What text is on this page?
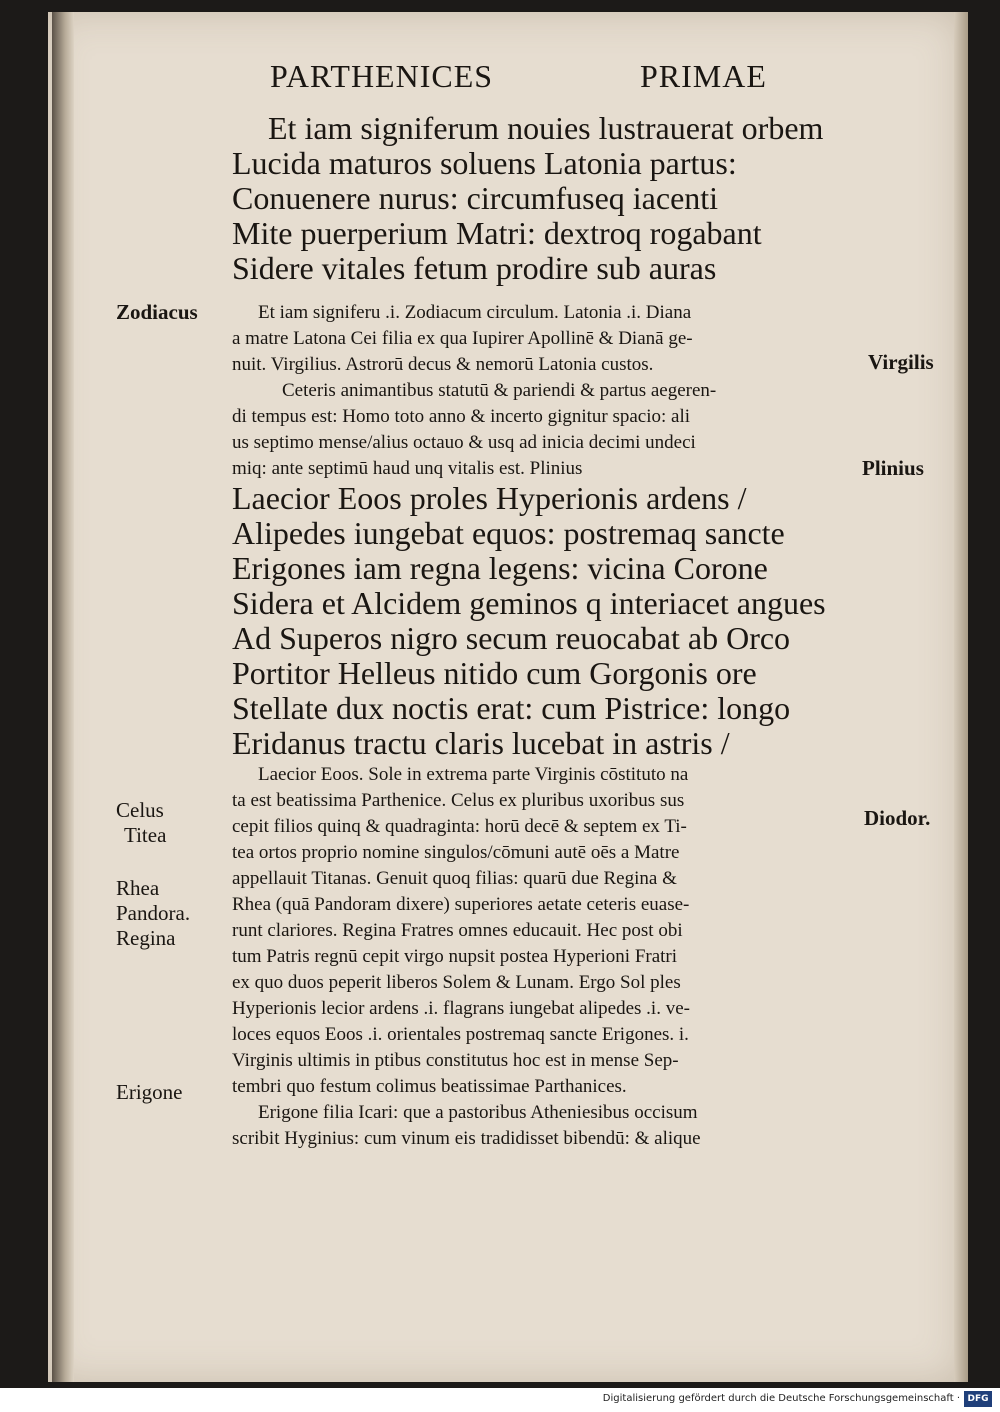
PARTHENICES	PRIMAE

Et iam signiferum nouies lustrauerat orbem

Lucida maturos soluens Latonia partus:

Conuenere nurus: circumfuseq iacenti

Mite puerperium Matri: dextroq rogabant

Sidere vitales fetum prodire sub auras

Et iam signiferu .i. Zodiacum circulum. Latonia .i. Diana

a matre Latona Cei filia ex qua Iupirer Apollinē & Dianā ge-

nuit. Virgilius. Astrorū decus & nemorū Latonia custos.

Ceteris animantibus statutū & pariendi & partus aegeren-

di tempus est: Homo toto anno & incerto gignitur spacio: ali

us septimo mense/alius octauo & usq ad inicia decimi undeci

miq: ante septimū haud unq vitalis est. Plinius

Laecior Eoos proles Hyperionis ardens /

Alipedes iungebat equos: postremaq sancte

Erigones iam regna legens: vicina Corone

Sidera et Alcidem geminos q interiacet angues

Ad Superos nigro secum reuocabat ab Orco

Portitor Helleus nitido cum Gorgonis ore

Stellate dux noctis erat: cum Pistrice: longo

Eridanus tractu claris lucebat in astris /

Laecior Eoos. Sole in extrema parte Virginis cōstituto na

ta est beatissima Parthenice. Celus ex pluribus uxoribus sus

cepit filios quinq & quadraginta: horū decē & septem ex Ti-

tea ortos proprio nomine singulos/cōmuni autē oēs a Matre

appellauit Titanas. Genuit quoq filias: quarū due Regina &

Rhea (quā Pandoram dixere) superiores aetate ceteris euase-

runt clariores. Regina Fratres omnes educauit. Hec post obi

tum Patris regnū cepit virgo nupsit postea Hyperioni Fratri

ex quo duos peperit liberos Solem & Lunam. Ergo Sol ples

Hyperionis lecior ardens .i. flagrans iungebat alipedes .i. ve-

loces equos Eoos .i. orientales postremaq sancte Erigones. i.

Virginis ultimis in ptibus constitutus hoc est in mense Sep-

tembri quo festum colimus beatissimae Parthanices.

Erigone filia Icari: que a pastoribus Atheniesibus occisum

scribit Hyginius: cum vinum eis tradidisset bibendū: & alique

Zodiacus
Celus
Titea
Rhea
Pandora.
Regina
Erigone
Virgilis
Plinius
Diodor.
Digitalisierung gefördert durch die Deutsche Forschungsgemeinschaft · DFG
